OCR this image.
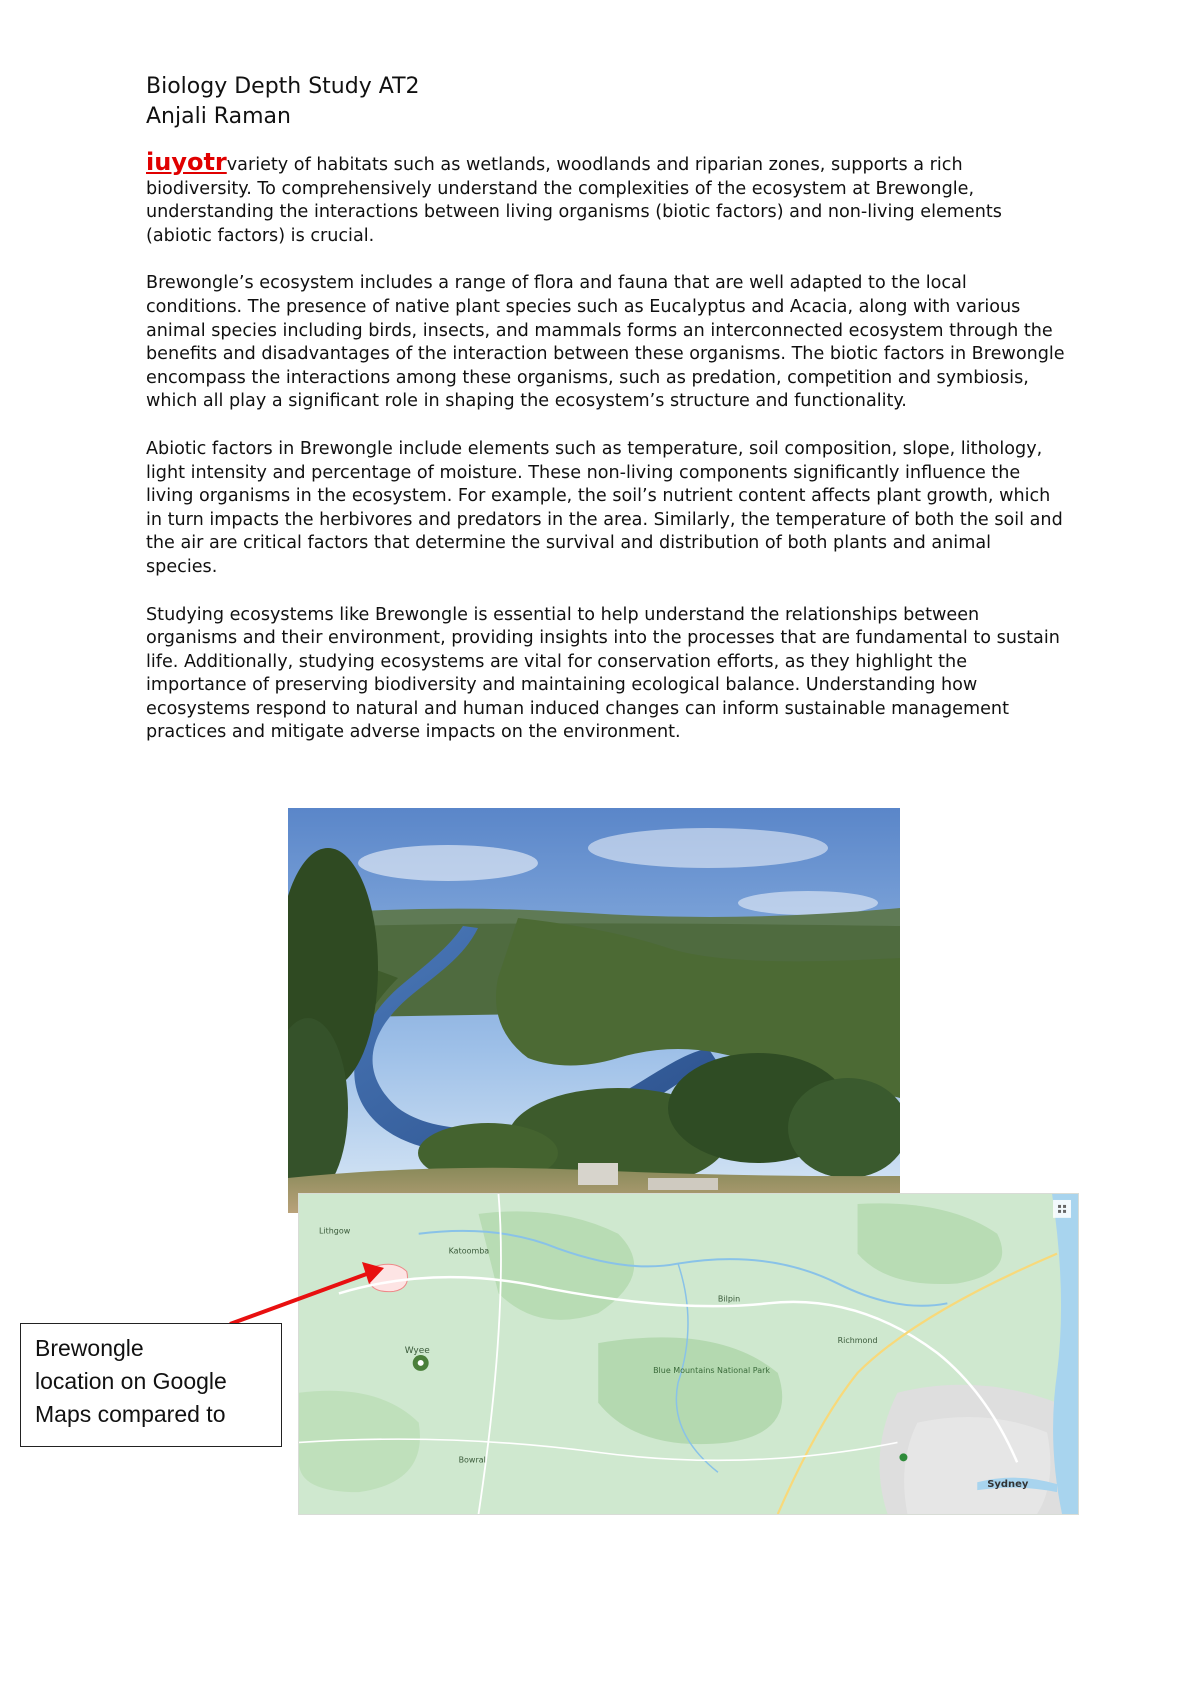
Biology Depth Study AT2
Anjali Raman

iuyotrvariety of habitats such as wetlands, woodlands and riparian zones, supports a rich biodiversity. To comprehensively understand the complexities of the ecosystem at Brewongle, understanding the interactions between living organisms (biotic factors) and non-living elements (abiotic factors) is crucial.

Brewongle’s ecosystem includes a range of flora and fauna that are well adapted to the local conditions. The presence of native plant species such as Eucalyptus and Acacia, along with various animal species including birds, insects, and mammals forms an interconnected ecosystem through the benefits and disadvantages of the interaction between these organisms. The biotic factors in Brewongle encompass the interactions among these organisms, such as predation, competition and symbiosis, which all play a significant role in shaping the ecosystem’s structure and functionality.

Abiotic factors in Brewongle include elements such as temperature, soil composition, slope, lithology, light intensity and percentage of moisture. These non-living components significantly influence the living organisms in the ecosystem. For example, the soil’s nutrient content affects plant growth, which in turn impacts the herbivores and predators in the area. Similarly, the temperature of both the soil and the air are critical factors that determine the survival and distribution of both plants and animal species.

Studying ecosystems like Brewongle is essential to help understand the relationships between organisms and their environment, providing insights into the processes that are fundamental to sustain life. Additionally, studying ecosystems are vital for conservation efforts, as they highlight the importance of preserving biodiversity and maintaining ecological balance. Understanding how ecosystems respond to natural and human induced changes can inform sustainable management practices and mitigate adverse impacts on the environment.

Wyee
Sydney
Bilpin
Blue Mountains National Park
Lithgow
Katoomba
Richmond
Bowral
Brewongle
location on Google
Maps compared to
